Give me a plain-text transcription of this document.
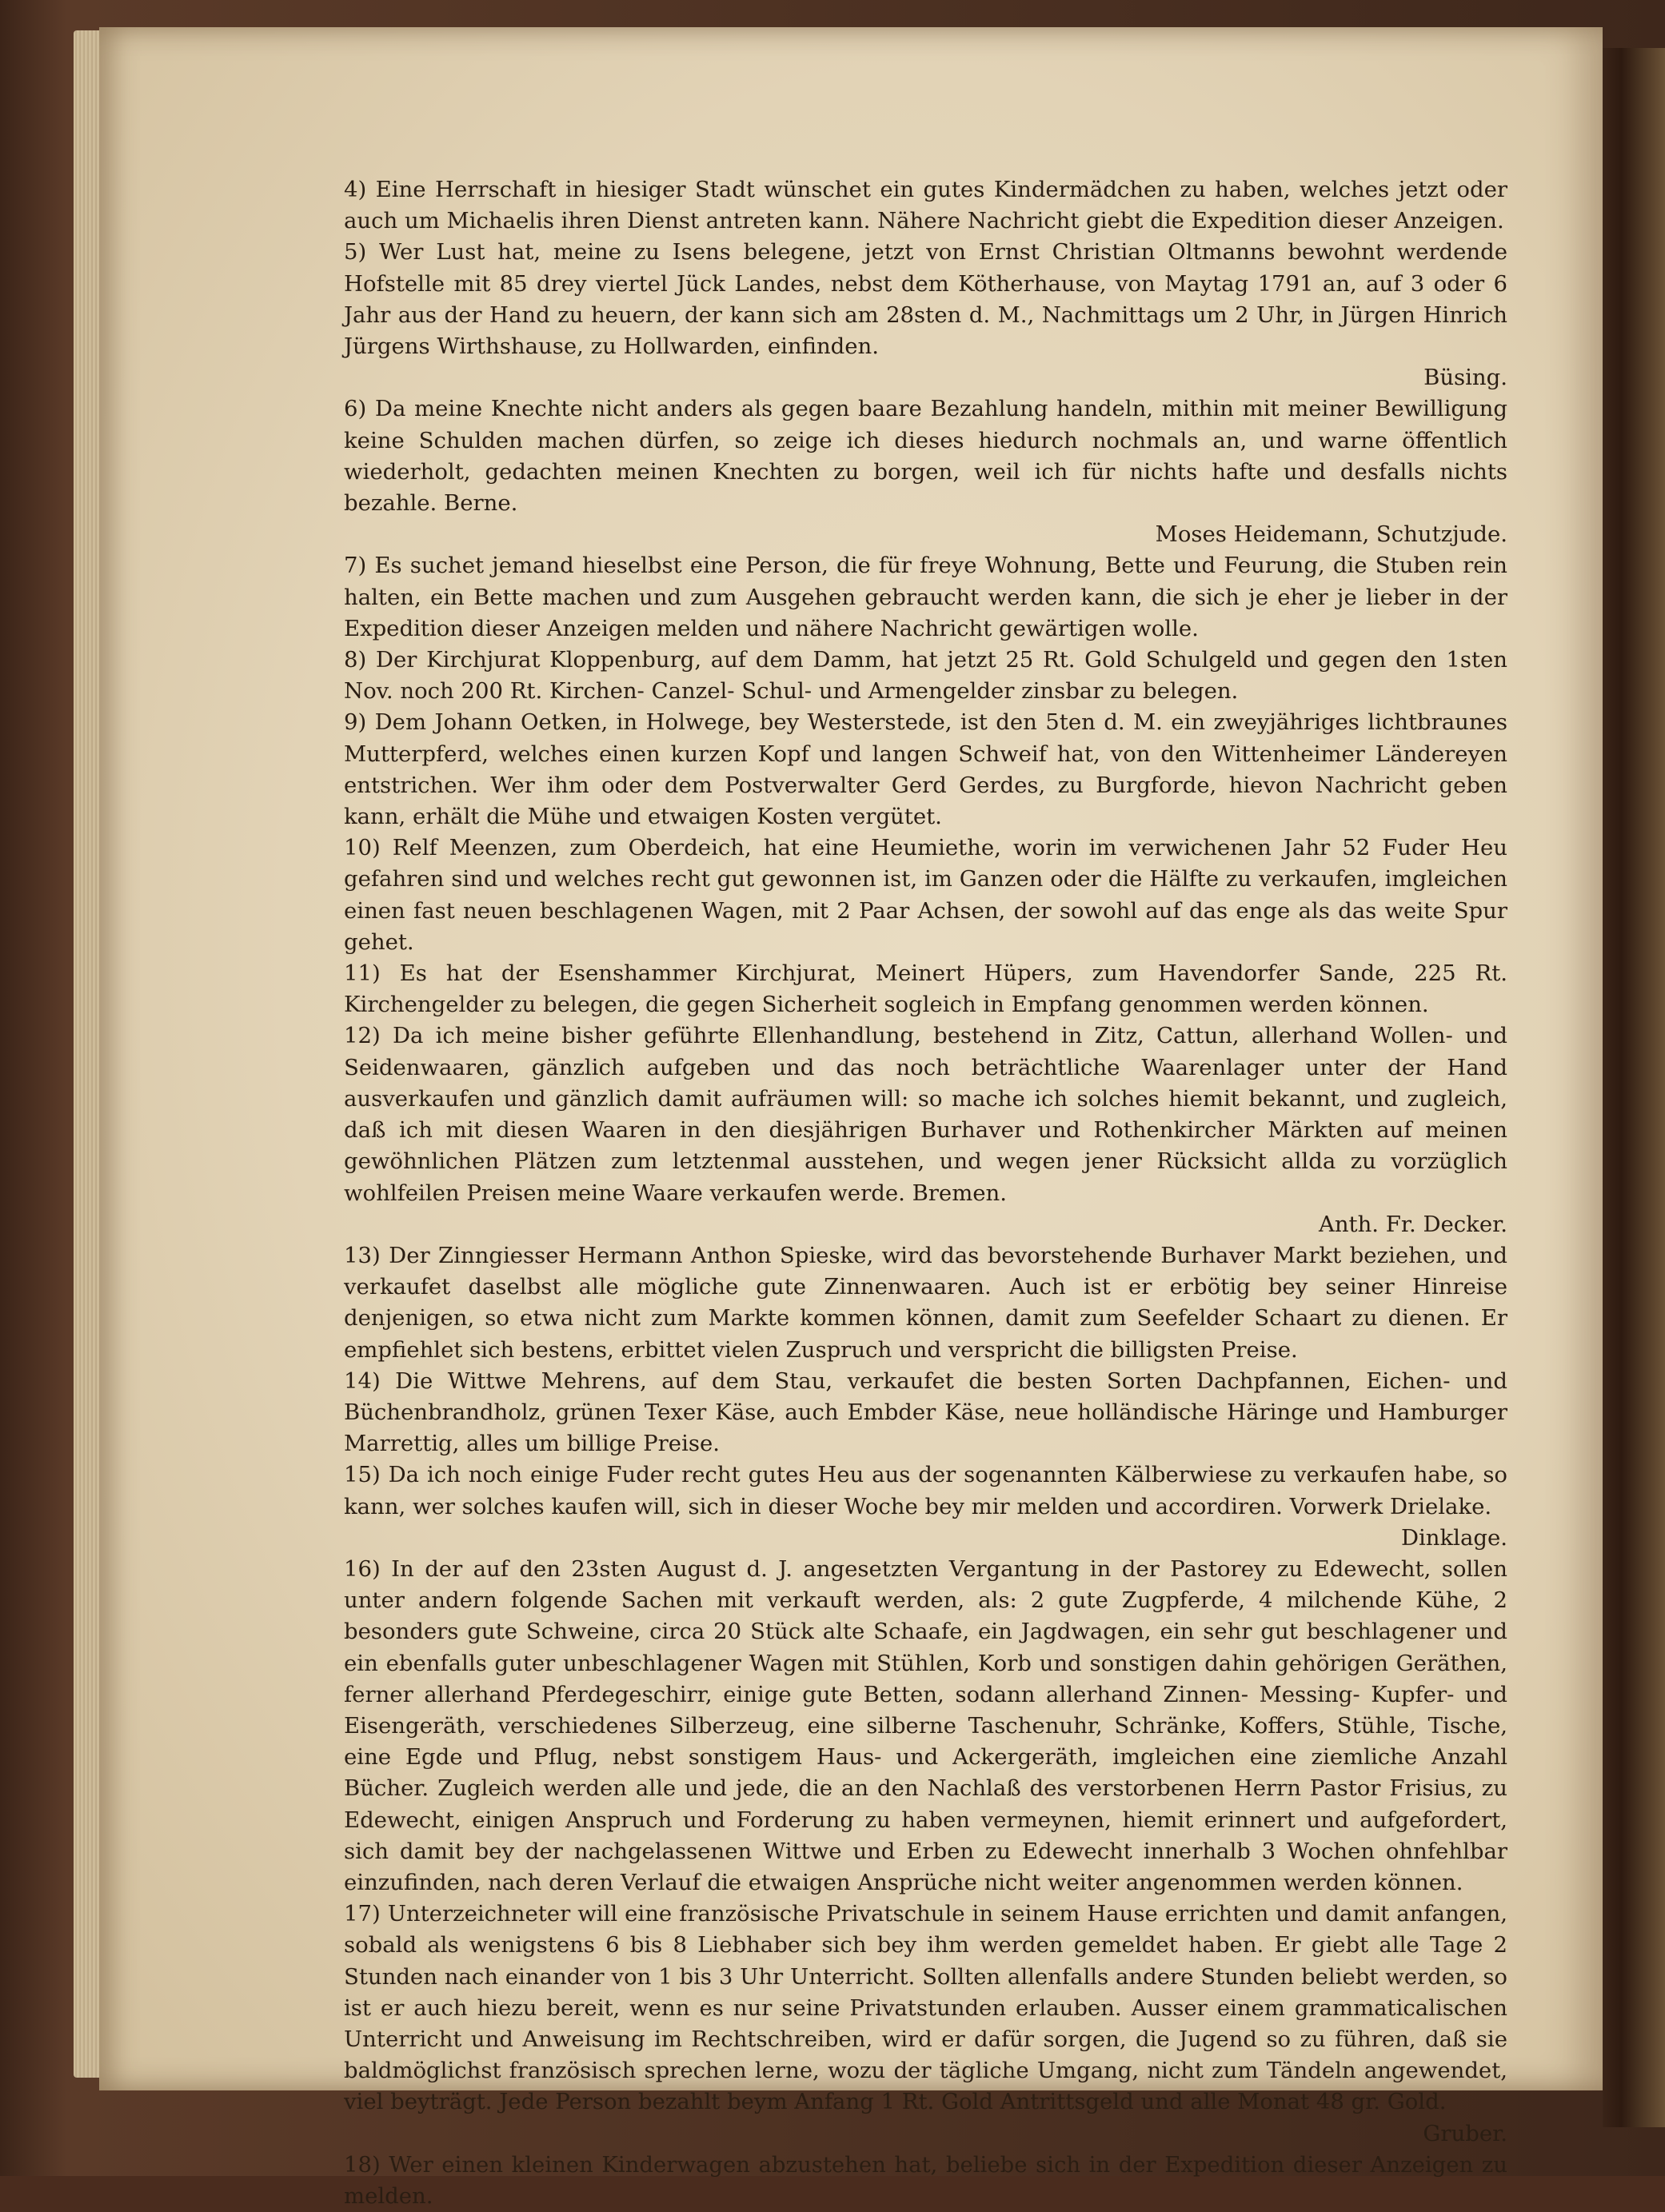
4) Eine Herrschaft in hiesiger Stadt wünschet ein gutes Kindermädchen zu haben, welches jetzt oder auch um Michaelis ihren Dienst antreten kann. Nähere Nachricht giebt die Expedition dieser Anzeigen.

5) Wer Lust hat, meine zu Isens belegene, jetzt von Ernst Christian Oltmanns bewohnt werdende Hofstelle mit 85 drey viertel Jück Landes, nebst dem Kötherhause, von Maytag 1791 an, auf 3 oder 6 Jahr aus der Hand zu heuern, der kann sich am 28sten d. M., Nachmittags um 2 Uhr, in Jürgen Hinrich Jürgens Wirthshause, zu Hollwarden, einfinden.
Büsing.

6) Da meine Knechte nicht anders als gegen baare Bezahlung handeln, mithin mit meiner Bewilligung keine Schulden machen dürfen, so zeige ich dieses hiedurch nochmals an, und warne öffentlich wiederholt, gedachten meinen Knechten zu borgen, weil ich für nichts hafte und desfalls nichts bezahle. Berne.
Moses Heidemann, Schutzjude.

7) Es suchet jemand hieselbst eine Person, die für freye Wohnung, Bette und Feurung, die Stuben rein halten, ein Bette machen und zum Ausgehen gebraucht werden kann, die sich je eher je lieber in der Expedition dieser Anzeigen melden und nähere Nachricht gewärtigen wolle.

8) Der Kirchjurat Kloppenburg, auf dem Damm, hat jetzt 25 Rt. Gold Schulgeld und gegen den 1sten Nov. noch 200 Rt. Kirchen- Canzel- Schul- und Armengelder zinsbar zu belegen.

9) Dem Johann Oetken, in Holwege, bey Westerstede, ist den 5ten d. M. ein zweyjähriges lichtbraunes Mutterpferd, welches einen kurzen Kopf und langen Schweif hat, von den Wittenheimer Ländereyen entstrichen. Wer ihm oder dem Postverwalter Gerd Gerdes, zu Burgforde, hievon Nachricht geben kann, erhält die Mühe und etwaigen Kosten vergütet.

10) Relf Meenzen, zum Oberdeich, hat eine Heumiethe, worin im verwichenen Jahr 52 Fuder Heu gefahren sind und welches recht gut gewonnen ist, im Ganzen oder die Hälfte zu verkaufen, imgleichen einen fast neuen beschlagenen Wagen, mit 2 Paar Achsen, der sowohl auf das enge als das weite Spur gehet.

11) Es hat der Esenshammer Kirchjurat, Meinert Hüpers, zum Havendorfer Sande, 225 Rt. Kirchengelder zu belegen, die gegen Sicherheit sogleich in Empfang genommen werden können.

12) Da ich meine bisher geführte Ellenhandlung, bestehend in Zitz, Cattun, allerhand Wollen- und Seidenwaaren, gänzlich aufgeben und das noch beträchtliche Waarenlager unter der Hand ausverkaufen und gänzlich damit aufräumen will: so mache ich solches hiemit bekannt, und zugleich, daß ich mit diesen Waaren in den diesjährigen Burhaver und Rothenkircher Märkten auf meinen gewöhnlichen Plätzen zum letztenmal ausstehen, und wegen jener Rücksicht allda zu vorzüglich wohlfeilen Preisen meine Waare verkaufen werde. Bremen.
Anth. Fr. Decker.

13) Der Zinngiesser Hermann Anthon Spieske, wird das bevorstehende Burhaver Markt beziehen, und verkaufet daselbst alle mögliche gute Zinnenwaaren. Auch ist er erbötig bey seiner Hinreise denjenigen, so etwa nicht zum Markte kommen können, damit zum Seefelder Schaart zu dienen. Er empfiehlet sich bestens, erbittet vielen Zuspruch und verspricht die billigsten Preise.

14) Die Wittwe Mehrens, auf dem Stau, verkaufet die besten Sorten Dachpfannen, Eichen- und Büchenbrandholz, grünen Texer Käse, auch Embder Käse, neue holländische Häringe und Hamburger Marrettig, alles um billige Preise.

15) Da ich noch einige Fuder recht gutes Heu aus der sogenannten Kälberwiese zu verkaufen habe, so kann, wer solches kaufen will, sich in dieser Woche bey mir melden und accordiren. Vorwerk Drielake.
Dinklage.

16) In der auf den 23sten August d. J. angesetzten Vergantung in der Pastorey zu Edewecht, sollen unter andern folgende Sachen mit verkauft werden, als: 2 gute Zugpferde, 4 milchende Kühe, 2 besonders gute Schweine, circa 20 Stück alte Schaafe, ein Jagdwagen, ein sehr gut beschlagener und ein ebenfalls guter unbeschlagener Wagen mit Stühlen, Korb und sonstigen dahin gehörigen Geräthen, ferner allerhand Pferdegeschirr, einige gute Betten, sodann allerhand Zinnen- Messing- Kupfer- und Eisengeräth, verschiedenes Silberzeug, eine silberne Taschenuhr, Schränke, Koffers, Stühle, Tische, eine Egde und Pflug, nebst sonstigem Haus- und Ackergeräth, imgleichen eine ziemliche Anzahl Bücher. Zugleich werden alle und jede, die an den Nachlaß des verstorbenen Herrn Pastor Frisius, zu Edewecht, einigen Anspruch und Forderung zu haben vermeynen, hiemit erinnert und aufgefordert, sich damit bey der nachgelassenen Wittwe und Erben zu Edewecht innerhalb 3 Wochen ohnfehlbar einzufinden, nach deren Verlauf die etwaigen Ansprüche nicht weiter angenommen werden können.

17) Unterzeichneter will eine französische Privatschule in seinem Hause errichten und damit anfangen, sobald als wenigstens 6 bis 8 Liebhaber sich bey ihm werden gemeldet haben. Er giebt alle Tage 2 Stunden nach einander von 1 bis 3 Uhr Unterricht. Sollten allenfalls andere Stunden beliebt werden, so ist er auch hiezu bereit, wenn es nur seine Privatstunden erlauben. Ausser einem grammaticalischen Unterricht und Anweisung im Rechtschreiben, wird er dafür sorgen, die Jugend so zu führen, daß sie baldmöglichst französisch sprechen lerne, wozu der tägliche Umgang, nicht zum Tändeln angewendet, viel beyträgt. Jede Person bezahlt beym Anfang 1 Rt. Gold Antrittsgeld und alle Monat 48 gr. Gold.
Gruber.

18) Wer einen kleinen Kinderwagen abzustehen hat, beliebe sich in der Expedition dieser Anzeigen zu melden.
